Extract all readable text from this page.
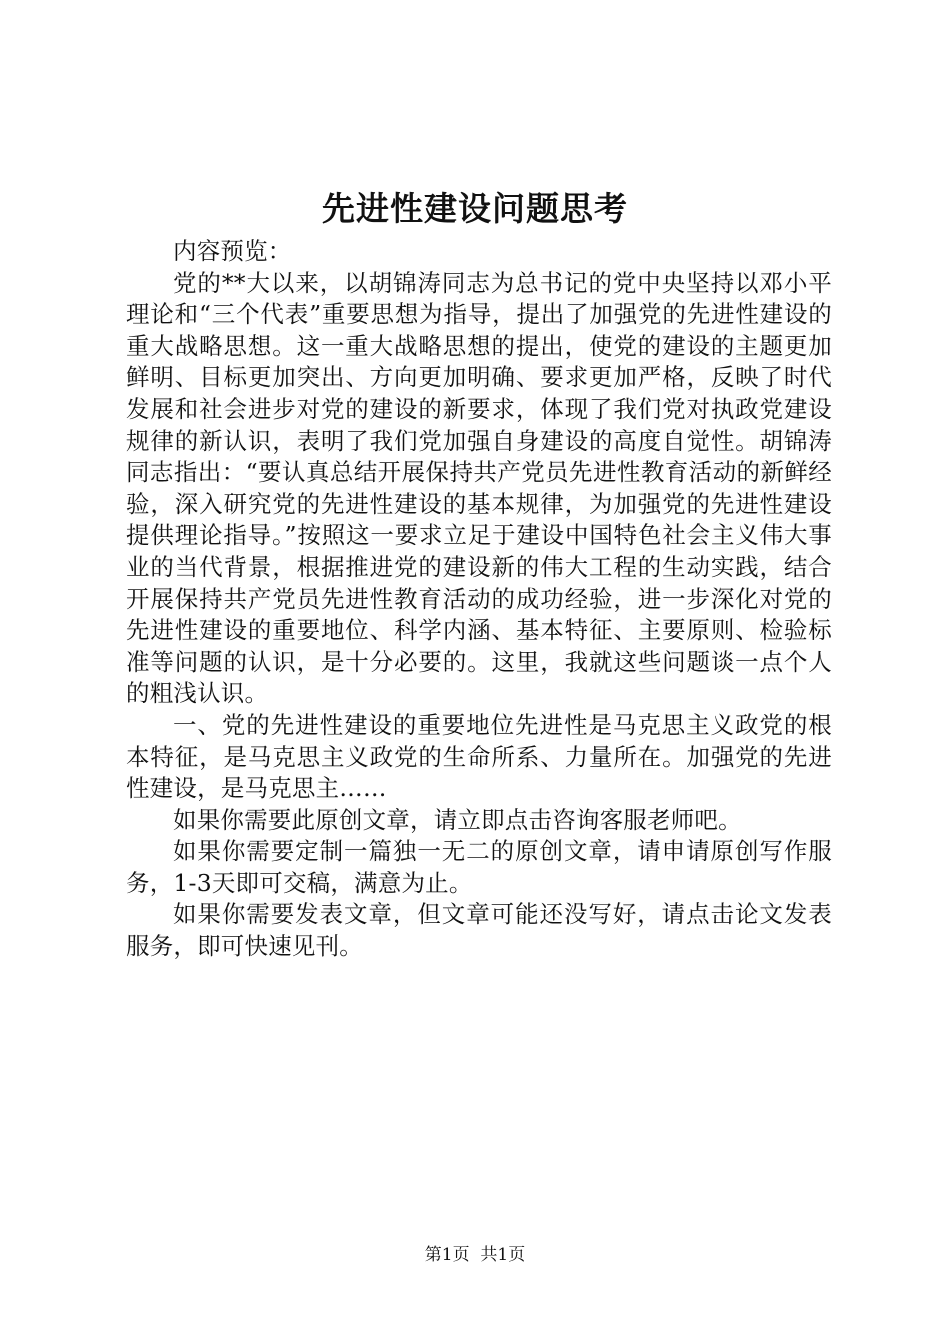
先进性建设问题思考

内容预览：

党的**大以来，以胡锦涛同志为总书记的党中央坚持以邓小平理论和“三个代表”重要思想为指导，提出了加强党的先进性建设的重大战略思想。这一重大战略思想的提出，使党的建设的主题更加鲜明、目标更加突出、方向更加明确、要求更加严格，反映了时代发展和社会进步对党的建设的新要求，体现了我们党对执政党建设规律的新认识，表明了我们党加强自身建设的高度自觉性。胡锦涛同志指出：“要认真总结开展保持共产党员先进性教育活动的新鲜经验，深入研究党的先进性建设的基本规律，为加强党的先进性建设提供理论指导。”按照这一要求立足于建设中国特色社会主义伟大事业的当代背景，根据推进党的建设新的伟大工程的生动实践，结合开展保持共产党员先进性教育活动的成功经验，进一步深化对党的先进性建设的重要地位、科学内涵、基本特征、主要原则、检验标准等问题的认识，是十分必要的。这里，我就这些问题谈一点个人的粗浅认识。

一、党的先进性建设的重要地位先进性是马克思主义政党的根本特征，是马克思主义政党的生命所系、力量所在。加强党的先进性建设，是马克思主……

如果你需要此原创文章，请立即点击咨询客服老师吧。

如果你需要定制一篇独一无二的原创文章，请申请原创写作服务，1-3天即可交稿，满意为止。

如果你需要发表文章，但文章可能还没写好，请点击论文发表服务，即可快速见刊。

第1页 共1页
